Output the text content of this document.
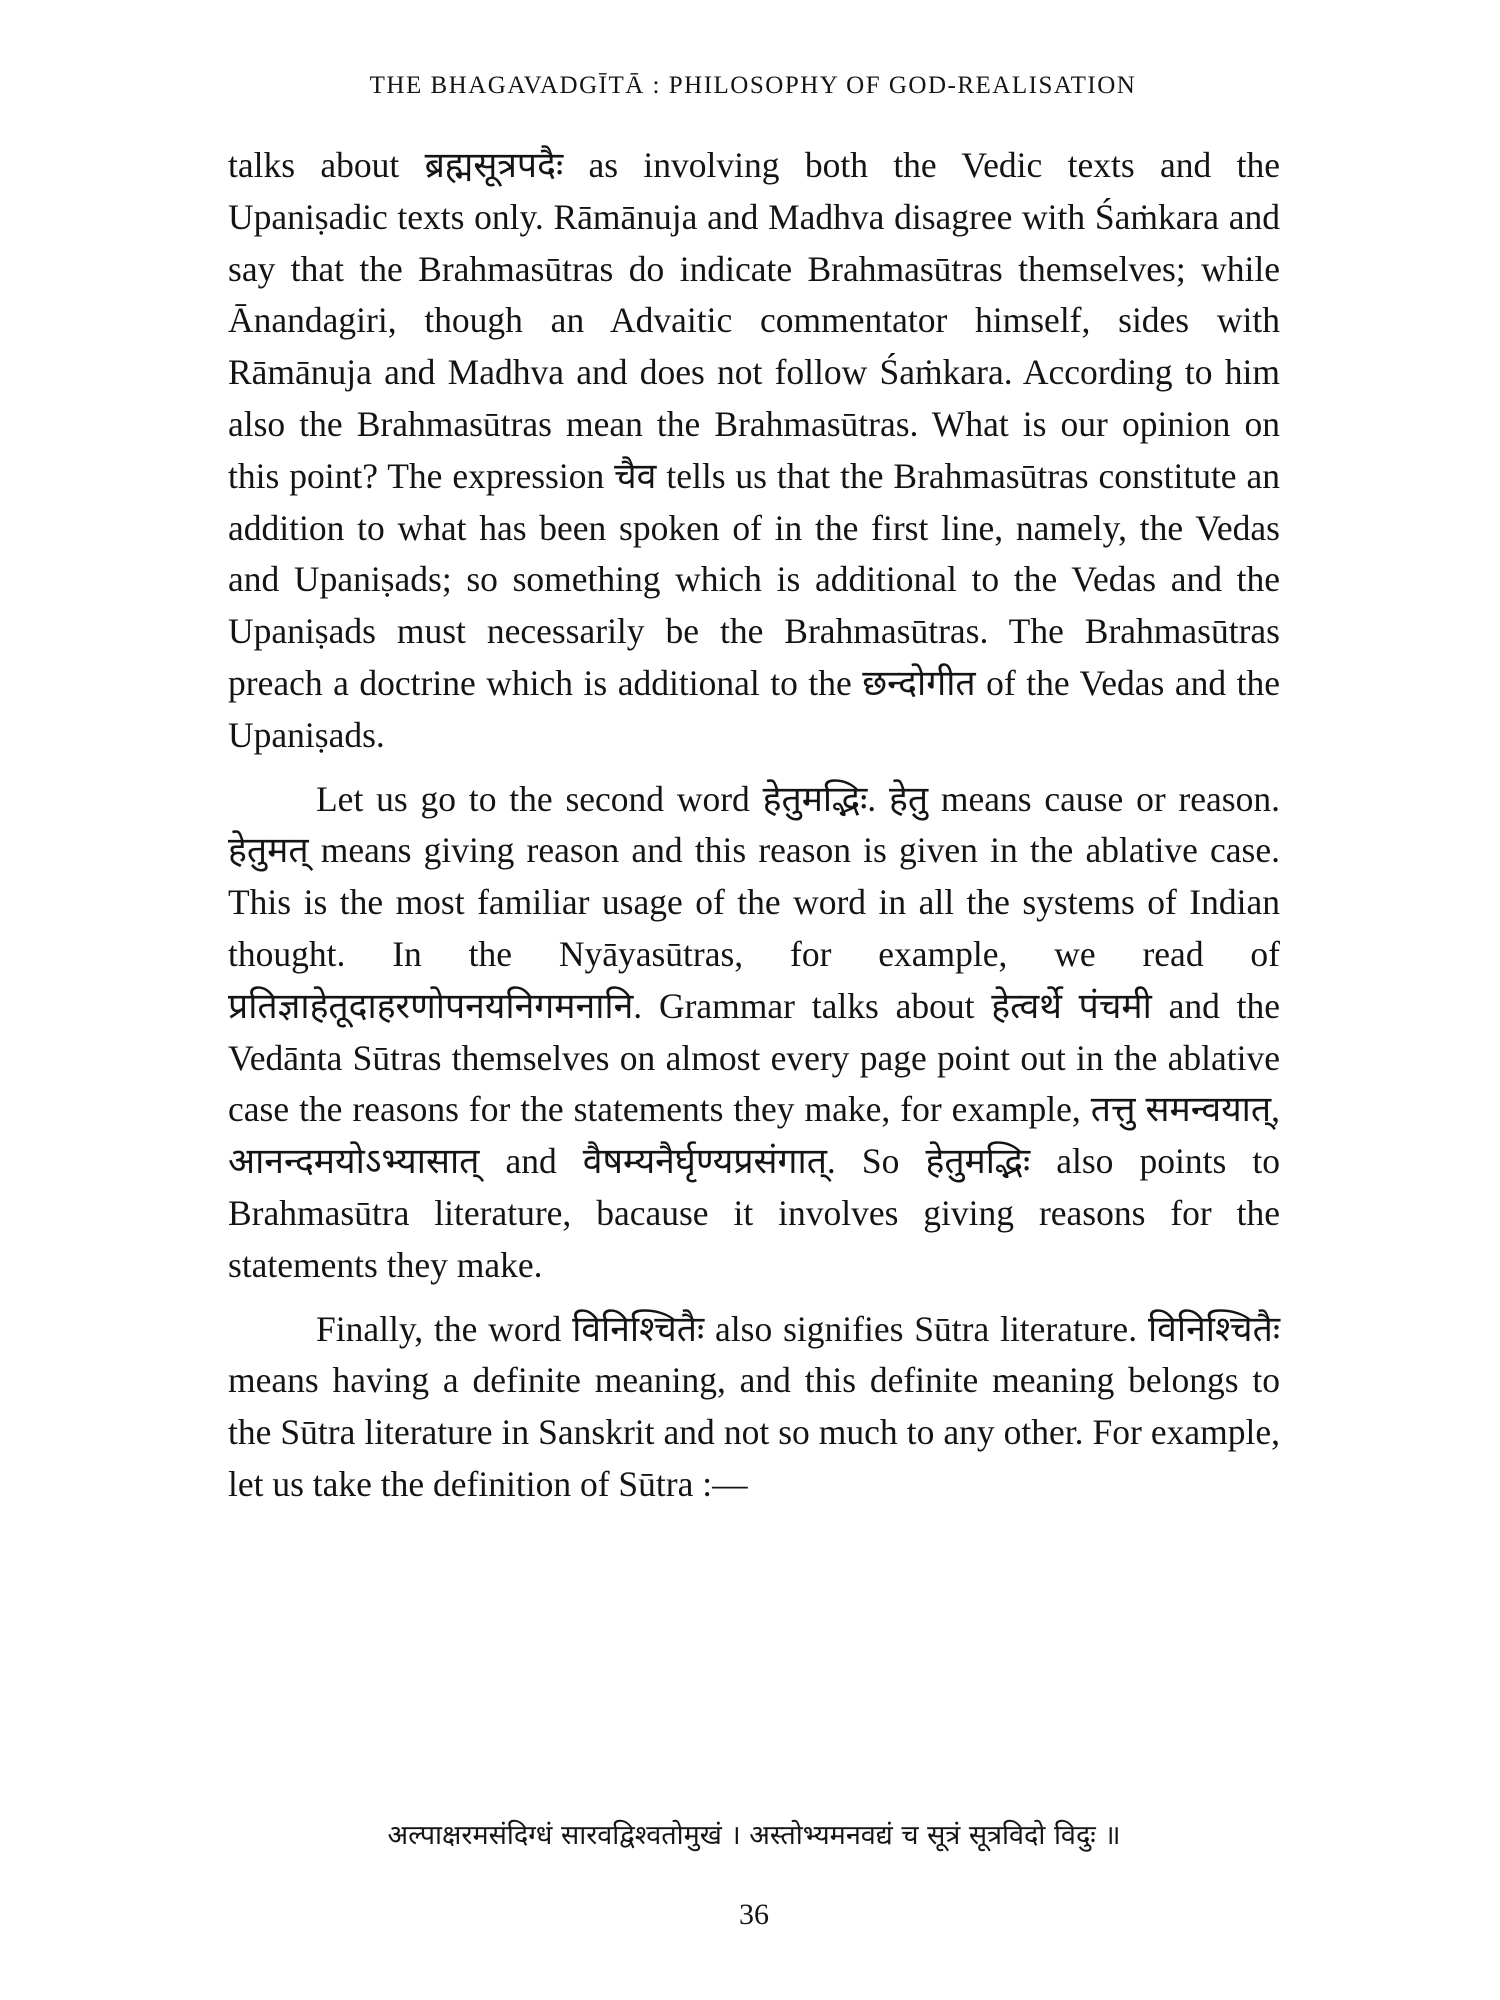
THE BHAGAVADGĪTĀ : PHILOSOPHY OF GOD-REALISATION

talks about ब्रह्मसूत्रपदैः as involving both the Vedic texts and the Upaniṣadic texts only. Rāmānuja and Madhva disagree with Śaṁkara and say that the Brahmasūtras do indicate Brahmasūtras themselves; while Ānandagiri, though an Advaitic commentator himself, sides with Rāmānuja and Madhva and does not follow Śaṁkara. According to him also the Brahmasūtras mean the Brahmasūtras. What is our opinion on this point? The expression चैव tells us that the Brahmasūtras constitute an addition to what has been spoken of in the first line, namely, the Vedas and Upaniṣads; so something which is additional to the Vedas and the Upaniṣads must necessarily be the Brahmasūtras. The Brahmasūtras preach a doctrine which is additional to the छन्दोगीत of the Vedas and the Upaniṣads.

Let us go to the second word हेतुमद्भिः. हेतु means cause or reason. हेतुमत् means giving reason and this reason is given in the ablative case. This is the most familiar usage of the word in all the systems of Indian thought. In the Nyāyasūtras, for example, we read of प्रतिज्ञाहेतूदाहरणोपनयनिगमनानि. Grammar talks about हेत्वर्थे पंचमी and the Vedānta Sūtras themselves on almost every page point out in the ablative case the reasons for the statements they make, for example, तत्तु समन्वयात्, आनन्दमयोऽभ्यासात् and वैषम्यनैर्घृण्यप्रसंगात्. So हेतुमद्भिः also points to Brahmasūtra literature, bacause it involves giving reasons for the statements they make.

Finally, the word विनिश्चितैः also signifies Sūtra literature. विनिश्चितैः means having a definite meaning, and this definite meaning belongs to the Sūtra literature in Sanskrit and not so much to any other. For example, let us take the definition of Sūtra :—

अल्पाक्षरमसंदिग्धं सारवद्विश्वतोमुखं । अस्तोभ्यमनवद्यं च सूत्रं सूत्रविदो विदुः ॥
36
